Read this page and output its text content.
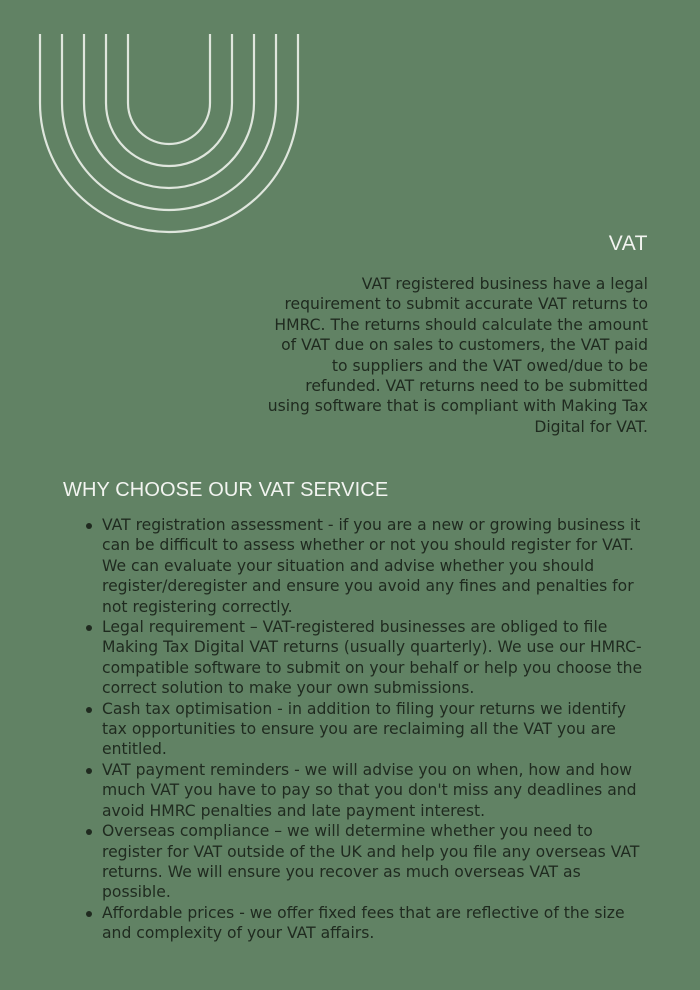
VAT

VAT registered business have a legal requirement to submit accurate VAT returns to HMRC. The returns should calculate the amount of VAT due on sales to customers, the VAT paid to suppliers and the VAT owed/due to be refunded. VAT returns need to be submitted using software that is compliant with Making Tax Digital for VAT.

WHY CHOOSE OUR VAT SERVICE
VAT registration assessment - if you are a new or growing business it can be difficult to assess whether or not you should register for VAT. We can evaluate your situation and advise whether you should register/deregister and ensure you avoid any fines and penalties for not registering correctly.
Legal requirement – VAT-registered businesses are obliged to file Making Tax Digital VAT returns (usually quarterly). We use our HMRC-compatible software to submit on your behalf or help you choose the correct solution to make your own submissions.
Cash tax optimisation - in addition to filing your returns we identify tax opportunities to ensure you are reclaiming all the VAT you are entitled.
VAT payment reminders - we will advise you on when, how and how much VAT you have to pay so that you don't miss any deadlines and avoid HMRC penalties and late payment interest.
Overseas compliance – we will determine whether you need to register for VAT outside of the UK and help you file any overseas VAT returns. We will ensure you recover as much overseas VAT as possible.
Affordable prices - we offer fixed fees that are reflective of the size and complexity of your VAT affairs.
